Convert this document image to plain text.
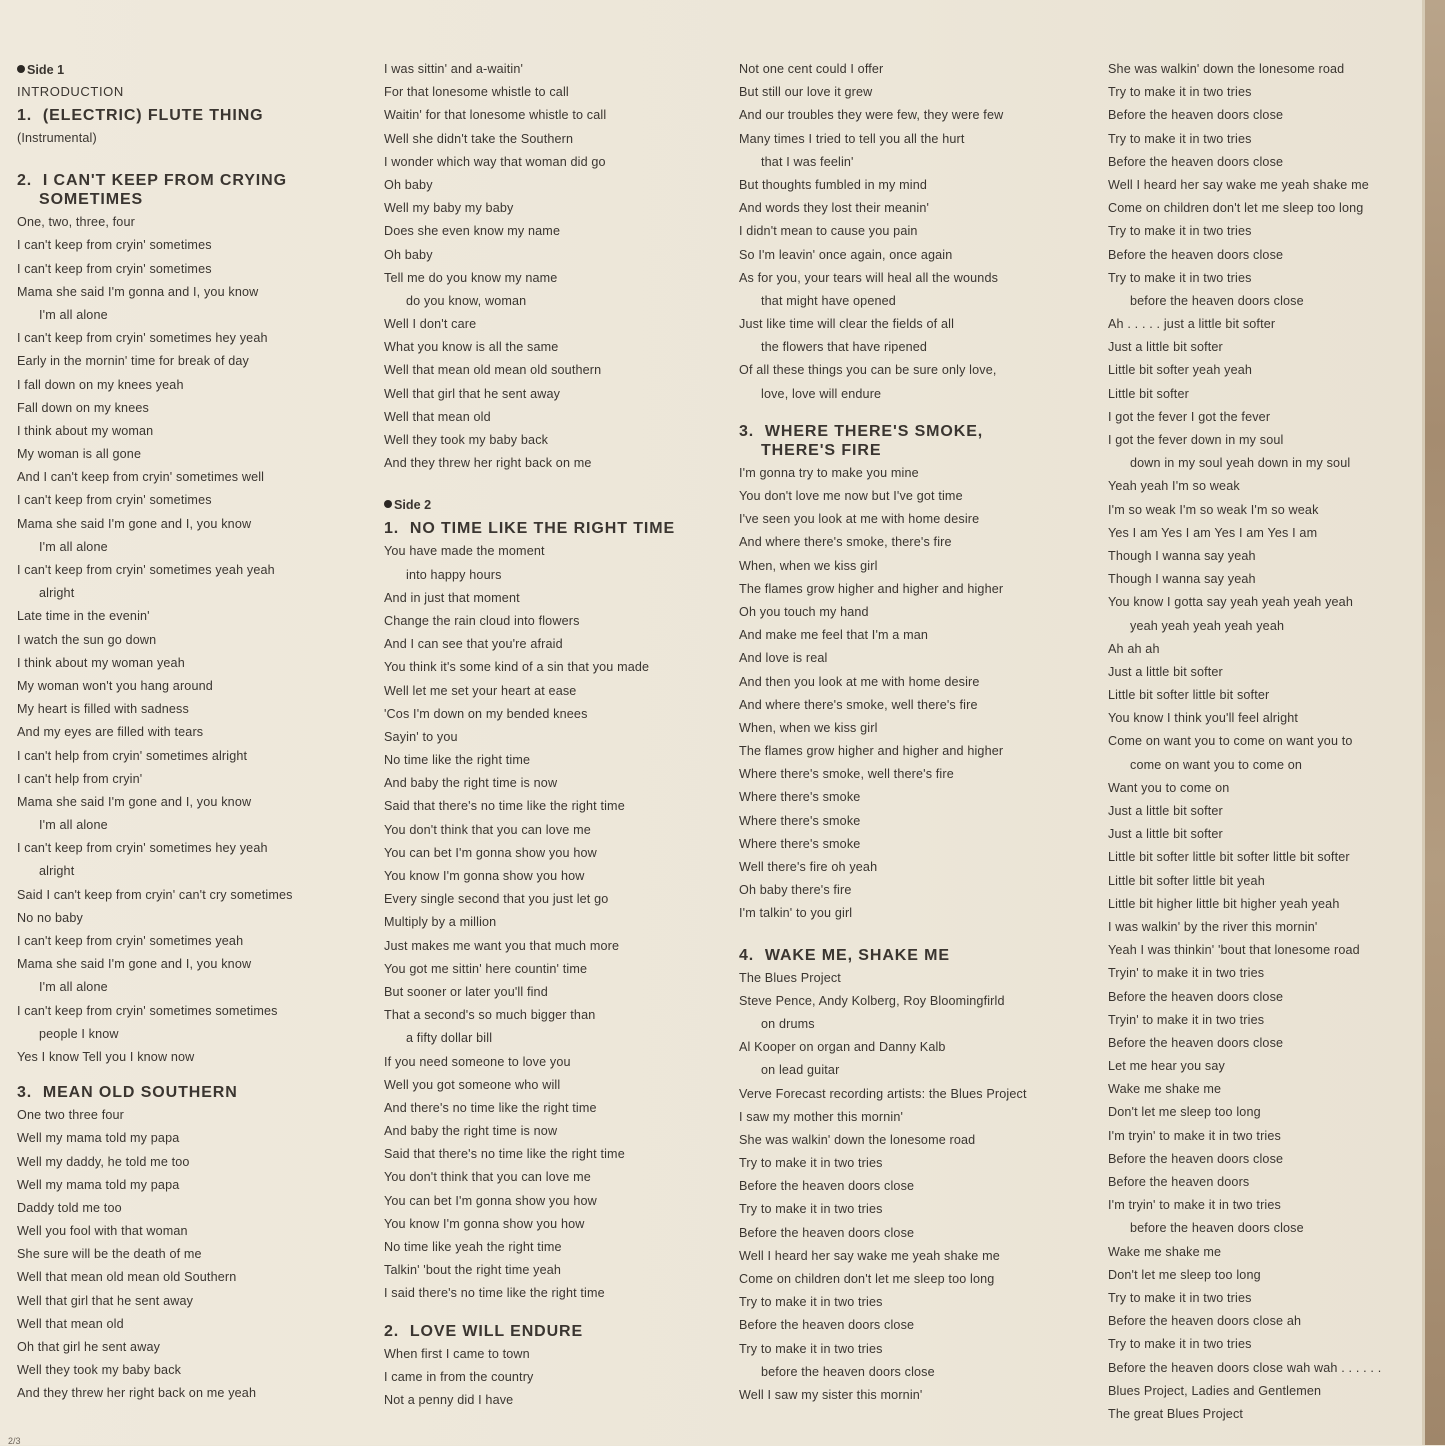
Side 1
INTRODUCTION
1. (ELECTRIC) FLUTE THING
(Instrumental)
2. I CAN'T KEEP FROM CRYING
SOMETIMES
One, two, three, four
I can't keep from cryin' sometimes
I can't keep from cryin' sometimes
Mama she said I'm gonna and I, you know
I'm all alone
I can't keep from cryin' sometimes hey yeah
Early in the mornin' time for break of day
I fall down on my knees yeah
Fall down on my knees
I think about my woman
My woman is all gone
And I can't keep from cryin' sometimes well
I can't keep from cryin' sometimes
Mama she said I'm gone and I, you know
I'm all alone
I can't keep from cryin' sometimes yeah yeah
alright
Late time in the evenin'
I watch the sun go down
I think about my woman yeah
My woman won't you hang around
My heart is filled with sadness
And my eyes are filled with tears
I can't help from cryin' sometimes alright
I can't help from cryin'
Mama she said I'm gone and I, you know
I'm all alone
I can't keep from cryin' sometimes hey yeah
alright
Said I can't keep from cryin' can't cry sometimes
No no baby
I can't keep from cryin' sometimes yeah
Mama she said I'm gone and I, you know
I'm all alone
I can't keep from cryin' sometimes sometimes
people I know
Yes I know Tell you I know now
3. MEAN OLD SOUTHERN
One two three four
Well my mama told my papa
Well my daddy, he told me too
Well my mama told my papa
Daddy told me too
Well you fool with that woman
She sure will be the death of me
Well that mean old mean old Southern
Well that girl that he sent away
Well that mean old
Oh that girl he sent away
Well they took my baby back
And they threw her right back on me yeah
I was sittin' and a-waitin'
For that lonesome whistle to call
Waitin' for that lonesome whistle to call
Well she didn't take the Southern
I wonder which way that woman did go
Oh baby
Well my baby my baby
Does she even know my name
Oh baby
Tell me do you know my name
do you know, woman
Well I don't care
What you know is all the same
Well that mean old mean old southern
Well that girl that he sent away
Well that mean old
Well they took my baby back
And they threw her right back on me
Side 2
1. NO TIME LIKE THE RIGHT TIME
You have made the moment
into happy hours
And in just that moment
Change the rain cloud into flowers
And I can see that you're afraid
You think it's some kind of a sin that you made
Well let me set your heart at ease
'Cos I'm down on my bended knees
Sayin' to you
No time like the right time
And baby the right time is now
Said that there's no time like the right time
You don't think that you can love me
You can bet I'm gonna show you how
You know I'm gonna show you how
Every single second that you just let go
Multiply by a million
Just makes me want you that much more
You got me sittin' here countin' time
But sooner or later you'll find
That a second's so much bigger than
a fifty dollar bill
If you need someone to love you
Well you got someone who will
And there's no time like the right time
And baby the right time is now
Said that there's no time like the right time
You don't think that you can love me
You can bet I'm gonna show you how
You know I'm gonna show you how
No time like yeah the right time
Talkin' 'bout the right time yeah
I said there's no time like the right time
2. LOVE WILL ENDURE
When first I came to town
I came in from the country
Not a penny did I have
Not one cent could I offer
But still our love it grew
And our troubles they were few, they were few
Many times I tried to tell you all the hurt
that I was feelin'
But thoughts fumbled in my mind
And words they lost their meanin'
I didn't mean to cause you pain
So I'm leavin' once again, once again
As for you, your tears will heal all the wounds
that might have opened
Just like time will clear the fields of all
the flowers that have ripened
Of all these things you can be sure only love,
love, love will endure
3. WHERE THERE'S SMOKE,
THERE'S FIRE
I'm gonna try to make you mine
You don't love me now but I've got time
I've seen you look at me with home desire
And where there's smoke, there's fire
When, when we kiss girl
The flames grow higher and higher and higher
Oh you touch my hand
And make me feel that I'm a man
And love is real
And then you look at me with home desire
And where there's smoke, well there's fire
When, when we kiss girl
The flames grow higher and higher and higher
Where there's smoke, well there's fire
Where there's smoke
Where there's smoke
Where there's smoke
Well there's fire oh yeah
Oh baby there's fire
I'm talkin' to you girl
4. WAKE ME, SHAKE ME
The Blues Project
Steve Pence, Andy Kolberg, Roy Bloomingfirld
on drums
Al Kooper on organ and Danny Kalb
on lead guitar
Verve Forecast recording artists: the Blues Project
I saw my mother this mornin'
She was walkin' down the lonesome road
Try to make it in two tries
Before the heaven doors close
Try to make it in two tries
Before the heaven doors close
Well I heard her say wake me yeah shake me
Come on children don't let me sleep too long
Try to make it in two tries
Before the heaven doors close
Try to make it in two tries
before the heaven doors close
Well I saw my sister this mornin'
She was walkin' down the lonesome road
Try to make it in two tries
Before the heaven doors close
Try to make it in two tries
Before the heaven doors close
Well I heard her say wake me yeah shake me
Come on children don't let me sleep too long
Try to make it in two tries
Before the heaven doors close
Try to make it in two tries
before the heaven doors close
Ah . . . . . just a little bit softer
Just a little bit softer
Little bit softer yeah yeah
Little bit softer
I got the fever I got the fever
I got the fever down in my soul
down in my soul yeah down in my soul
Yeah yeah I'm so weak
I'm so weak I'm so weak I'm so weak
Yes I am Yes I am Yes I am Yes I am
Though I wanna say yeah
Though I wanna say yeah
You know I gotta say yeah yeah yeah yeah
yeah yeah yeah yeah yeah
Ah ah ah
Just a little bit softer
Little bit softer little bit softer
You know I think you'll feel alright
Come on want you to come on want you to
come on want you to come on
Want you to come on
Just a little bit softer
Just a little bit softer
Little bit softer little bit softer little bit softer
Little bit softer little bit yeah
Little bit higher little bit higher yeah yeah
I was walkin' by the river this mornin'
Yeah I was thinkin' 'bout that lonesome road
Tryin' to make it in two tries
Before the heaven doors close
Tryin' to make it in two tries
Before the heaven doors close
Let me hear you say
Wake me shake me
Don't let me sleep too long
I'm tryin' to make it in two tries
Before the heaven doors close
Before the heaven doors
I'm tryin' to make it in two tries
before the heaven doors close
Wake me shake me
Don't let me sleep too long
Try to make it in two tries
Before the heaven doors close ah
Try to make it in two tries
Before the heaven doors close wah wah . . . . . .
Blues Project, Ladies and Gentlemen
The great Blues Project
2/3
